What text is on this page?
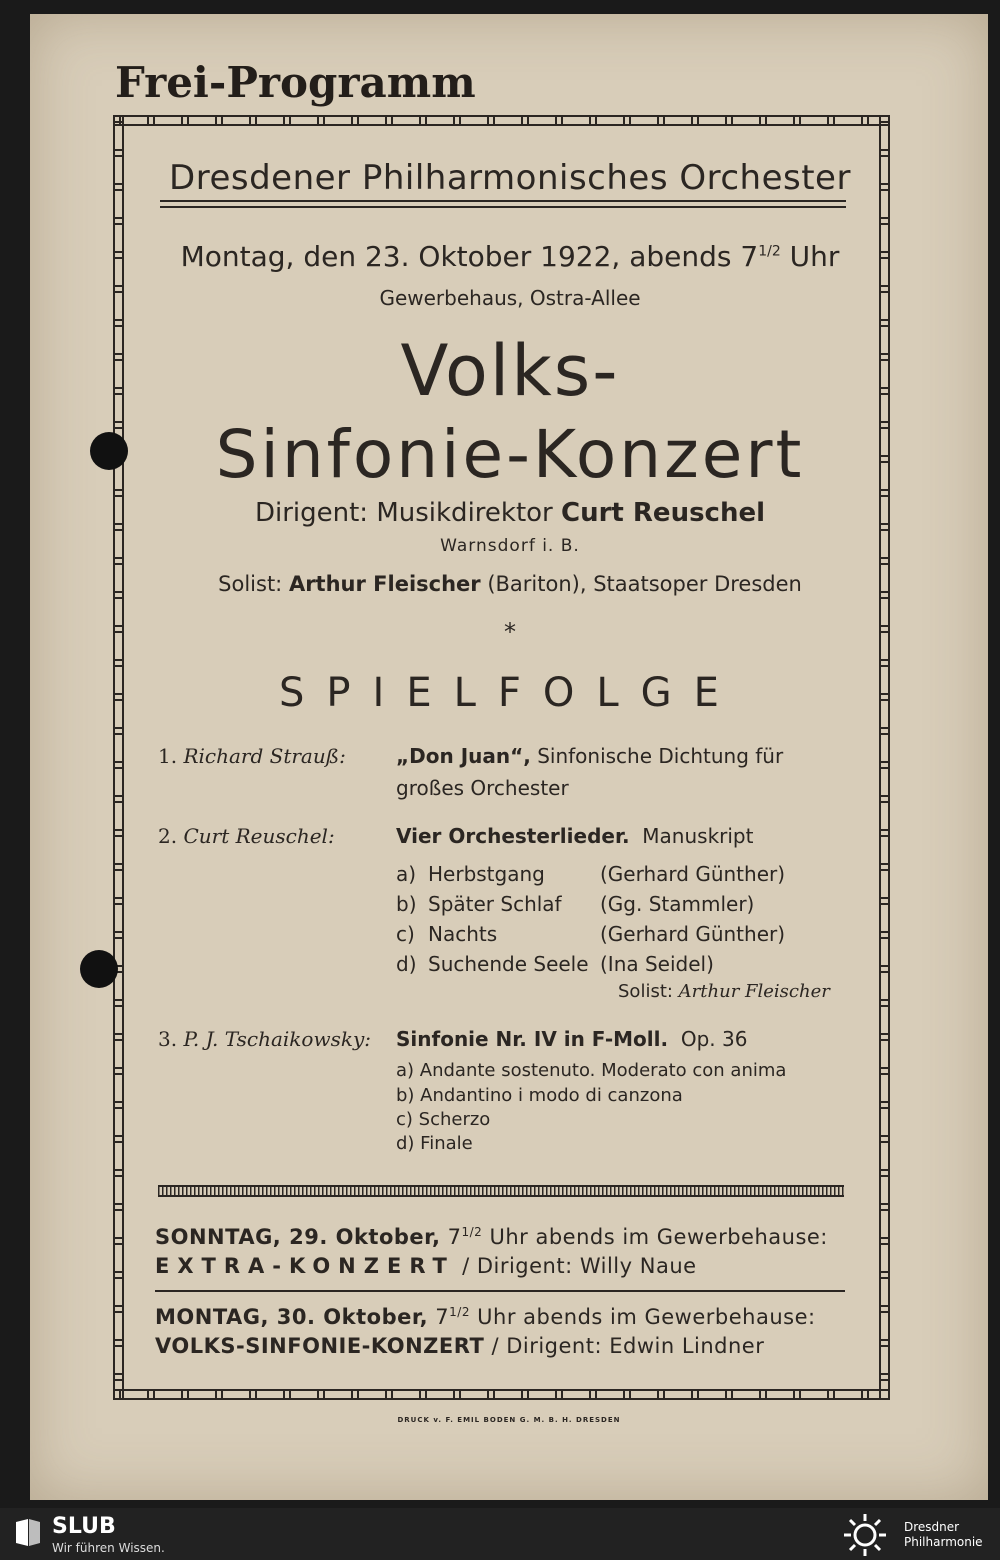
Frei-Programm
Dresdener Philharmonisches Orchester
Montag, den 23. Oktober 1922, abends $7^{1/2}$ Uhr
Gewerbehaus, Ostra-Allee
Volks-
Sinfonie-Konzert
Dirigent: Musikdirektor Curt Reuschel
Warnsdorf i. B.
Solist: Arthur Fleischer (Bariton), Staatsoper Dresden
*
SPIELFOLGE
1. Richard Strauß:	„Don Juan“, Sinfonische Dichtung für
großes Orchester
2. Curt Reuschel:	Vier Orchesterlieder. Manuskript
a) Herbstgang	(Gerhard Günther)
b) Später Schlaf (Gg. Stammler)
c) Nachts	(Gerhard Günther)
d) Suchende Seele (Ina Seidel)
Solist: Arthur Fleischer
3. P. J. Tschaikowsky: Sinfonie Nr. IV in F-Moll. Op. 36
a) Andante sostenuto. Moderato con anima
b) Andantino i modo di canzona
c) Scherzo
d) Finale
SONNTAG, 29. Oktober, $7^{1/2}$ Uhr abends im Gewerbehause:
EXTRA-KONZERT / Dirigent: Willy Naue
MONTAG, 30. Oktober, $7^{1/2}$ Uhr abends im Gewerbehause:
VOLKS-SINFONIE-KONZERT / Dirigent: Edwin Lindner
DRUCK v. F. EMIL BODEN G. M. B. H. DRESDEN
SLUB
Wir führen Wissen.
Dresdner
Philharmonie
